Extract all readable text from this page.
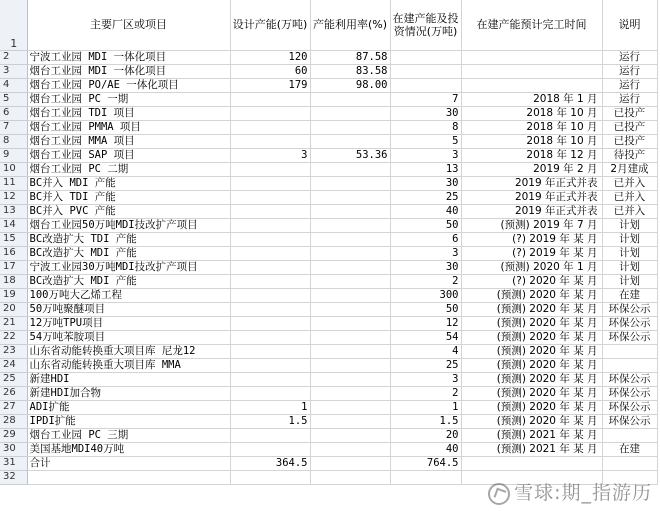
1	主要厂区或项目	设计产能(万吨)	产能利用率(%)	在建产能及投资情况(万吨)	在建产能预计完工时间	说明
2	宁波工业园 MDI 一体化项目	120	87.58			运行
3	烟台工业园 MDI 一体化项目	60	83.58			运行
4	烟台工业园 PO/AE 一体化项目	179	98.00			运行
5	烟台工业园 PC 一期			7	2018 年 1 月	运行
6	烟台工业园 TDI 项目			30	2018 年 10 月	已投产
7	烟台工业园 PMMA 项目			8	2018 年 10 月	已投产
8	烟台工业园 MMA 项目			5	2018 年 10 月	已投产
9	烟台工业园 SAP 项目	3	53.36	3	2018 年 12 月	待投产
10	烟台工业园 PC 二期			13	2019 年 2 月	2月建成
11	BC并入 MDI 产能			30	2019 年正式并表	已并入
12	BC并入 TDI 产能			25	2019 年正式并表	已并入
13	BC并入 PVC 产能			40	2019 年正式并表	已并入
14	烟台工业园50万吨MDI技改扩产项目			50	(预测) 2019 年 7 月	计划
15	BC改造扩大 TDI 产能			6	(?) 2019 年 某 月	计划
16	BC改造扩大 MDI 产能			3	(?) 2019 年 某 月	计划
17	宁波工业园30万吨MDI技改扩产项目			30	(预测) 2020 年 1 月	计划
18	BC改造扩大 MDI 产能			2	(?) 2020 年 某 月	计划
19	100万吨大乙烯工程			300	(预测) 2020 年 某 月	在建
20	50万吨聚醚项目			50	(预测) 2020 年 某 月	环保公示
21	12万吨TPU项目			12	(预测) 2020 年 某 月	环保公示
22	54万吨苯胺项目			54	(预测) 2020 年 某 月	环保公示
23	山东省动能转换重大项目库 尼龙12			4	(预测) 2020 年 某 月	
24	山东省动能转换重大项目库 MMA			25	(预测) 2020 年 某 月	
25	新建HDI			3	(预测) 2020 年 某 月	环保公示
26	新建HDI加合物			2	(预测) 2020 年 某 月	环保公示
27	ADI扩能	1		1	(预测) 2020 年 某 月	环保公示
28	IPDI扩能	1.5		1.5	(预测) 2020 年 某 月	环保公示
29	烟台工业园 PC 三期			20	(预测) 2021 年 某 月	
30	美国基地MDI40万吨			40	(预测) 2021 年 某 月	在建
31	合计	364.5		764.5		
32						
雪球:期_指游历
